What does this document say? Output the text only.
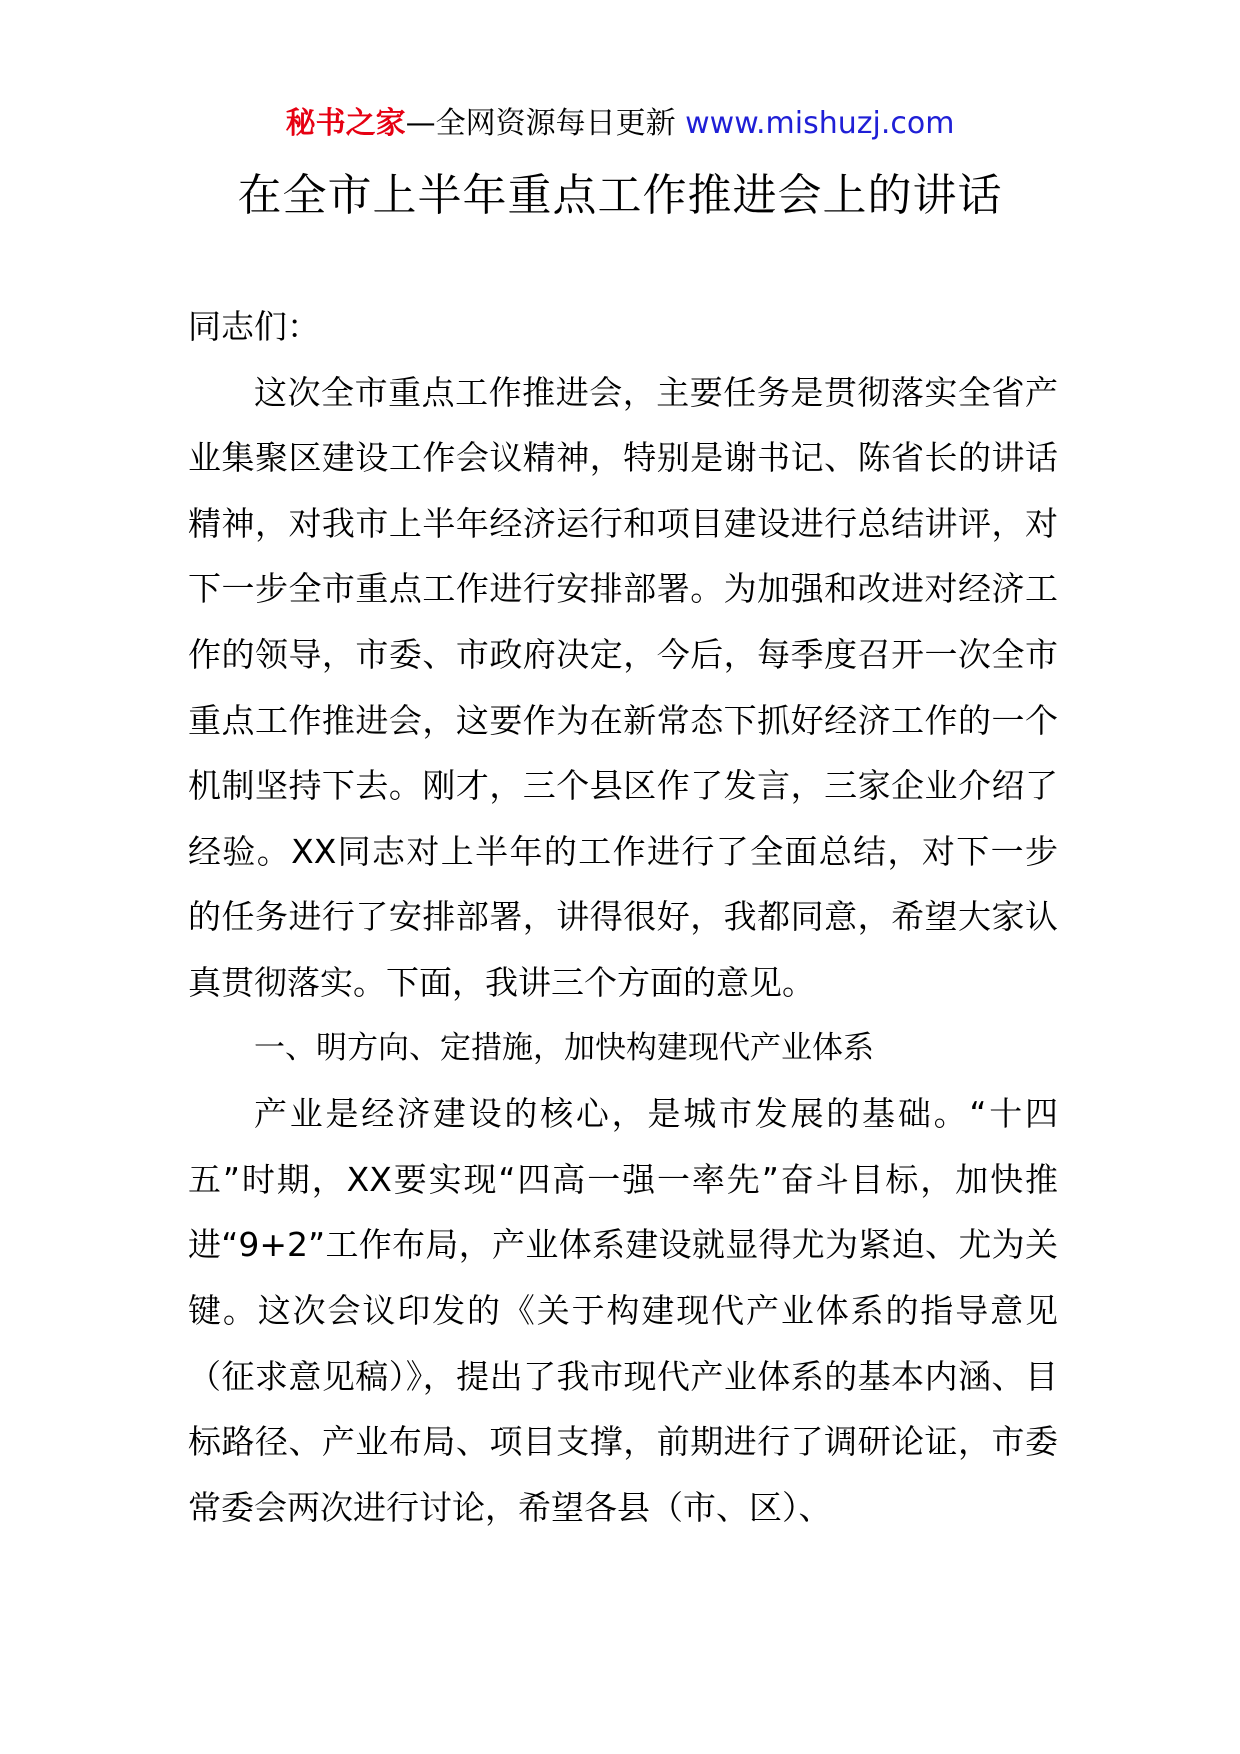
秘书之家—全网资源每日更新 www.mishuzj.com
在全市上半年重点工作推进会上的讲话

同志们：

这次全市重点工作推进会，主要任务是贯彻落实全省产业集聚区建设工作会议精神，特别是谢书记、陈省长的讲话精神，对我市上半年经济运行和项目建设进行总结讲评，对下一步全市重点工作进行安排部署。为加强和改进对经济工作的领导，市委、市政府决定，今后，每季度召开一次全市重点工作推进会，这要作为在新常态下抓好经济工作的一个机制坚持下去。刚才，三个县区作了发言，三家企业介绍了经验。XX同志对上半年的工作进行了全面总结，对下一步的任务进行了安排部署，讲得很好，我都同意，希望大家认真贯彻落实。下面，我讲三个方面的意见。

一、明方向、定措施，加快构建现代产业体系

产业是经济建设的核心，是城市发展的基础。“十四五”时期，XX要实现“四高一强一率先”奋斗目标，加快推进“9+2”工作布局，产业体系建设就显得尤为紧迫、尤为关键。这次会议印发的《关于构建现代产业体系的指导意见（征求意见稿）》，提出了我市现代产业体系的基本内涵、目标路径、产业布局、项目支撑，前期进行了调研论证，市委常委会两次进行讨论，希望各县（市、区）、
